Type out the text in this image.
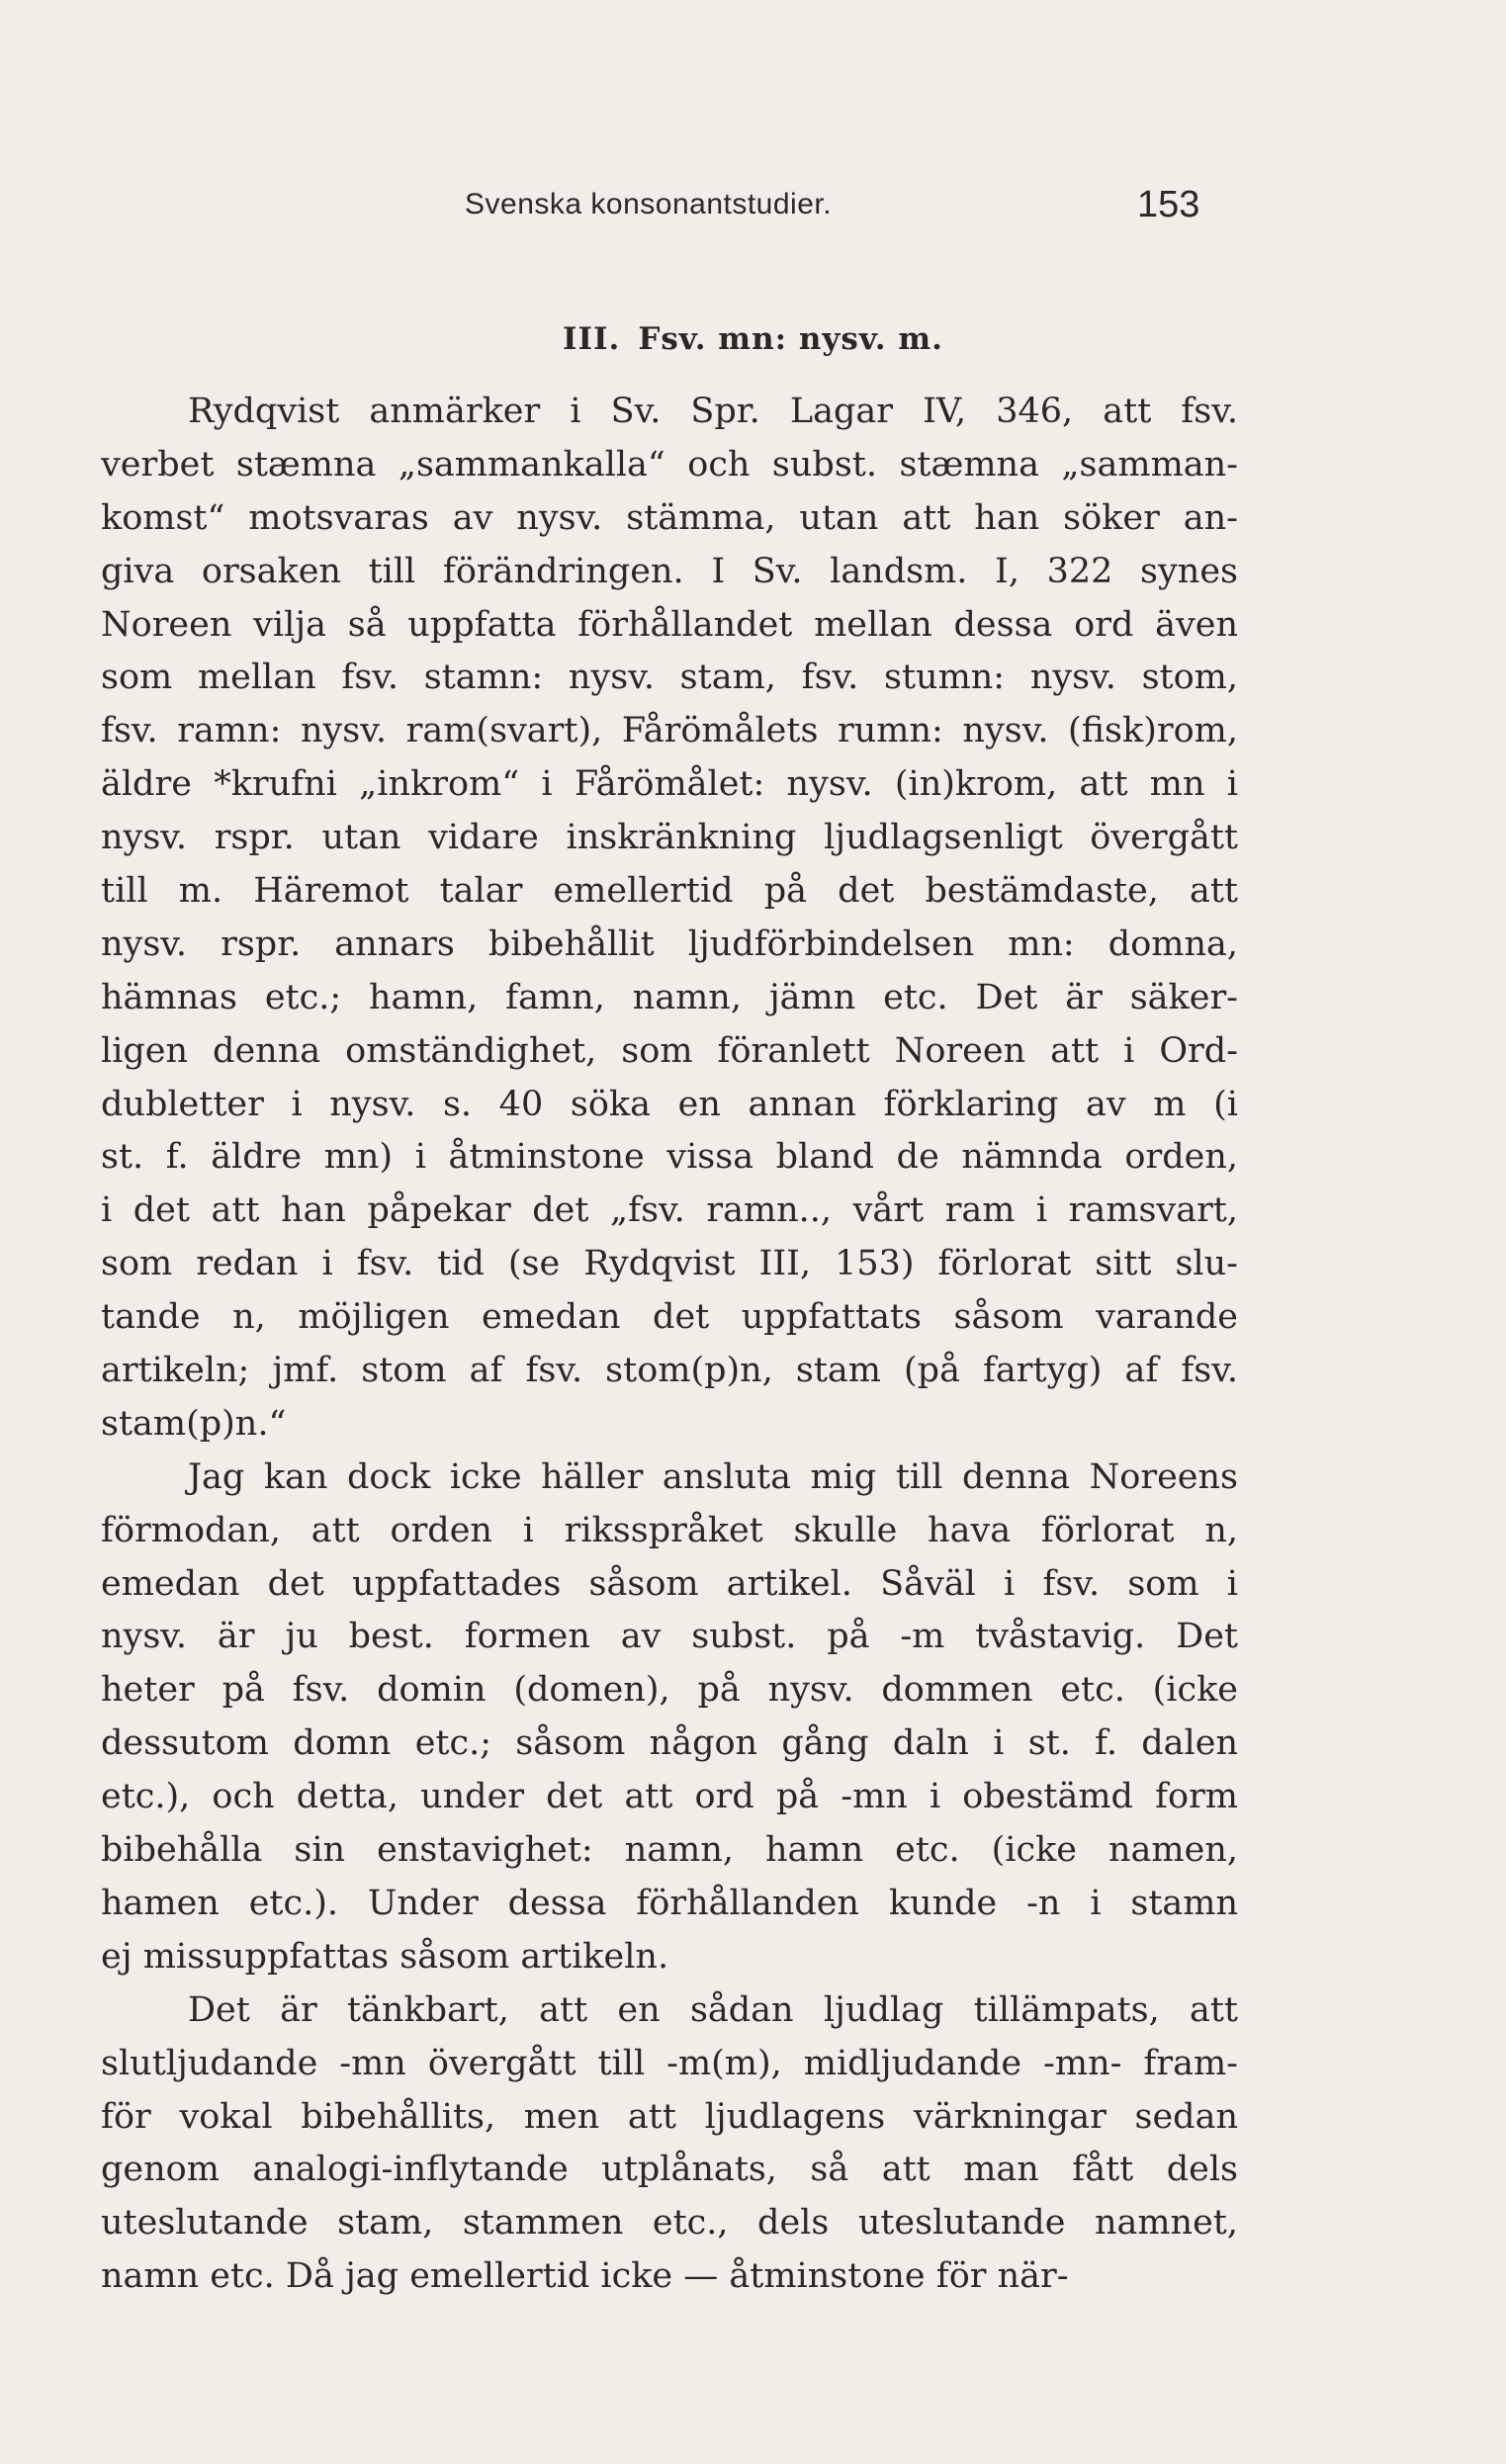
Svenska konsonantstudier.	153
III. Fsv. mn: nysv. m.
Rydqvist anmärker i Sv. Spr. Lagar IV, 346, att fsv.
verbet stæmna „sammankalla“ och subst. stæmna „samman-
komst“ motsvaras av nysv. stämma, utan att han söker an-
giva orsaken till förändringen. I Sv. landsm. I, 322 synes
Noreen vilja så uppfatta förhållandet mellan dessa ord även
som mellan fsv. stamn: nysv. stam, fsv. stumn: nysv. stom,
fsv. ramn: nysv. ram(svart), Fårömålets rumn: nysv. (fisk)rom,
äldre *krufni „inkrom“ i Fårömålet: nysv. (in)krom, att mn i
nysv. rspr. utan vidare inskränkning ljudlagsenligt övergått
till m. Häremot talar emellertid på det bestämdaste, att
nysv. rspr. annars bibehållit ljudförbindelsen mn: domna,
hämnas etc.; hamn, famn, namn, jämn etc. Det är säker-
ligen denna omständighet, som föranlett Noreen att i Ord-
dubletter i nysv. s. 40 söka en annan förklaring av m (i
st. f. äldre mn) i åtminstone vissa bland de nämnda orden,
i det att han påpekar det „fsv. ramn.., vårt ram i ramsvart,
som redan i fsv. tid (se Rydqvist III, 153) förlorat sitt slu-
tande n, möjligen emedan det uppfattats såsom varande
artikeln; jmf. stom af fsv. stom(p)n, stam (på fartyg) af fsv.
stam(p)n.“
Jag kan dock icke häller ansluta mig till denna Noreens
förmodan, att orden i riksspråket skulle hava förlorat n,
emedan det uppfattades såsom artikel. Såväl i fsv. som i
nysv. är ju best. formen av subst. på -m tvåstavig. Det
heter på fsv. domin (domen), på nysv. dommen etc. (icke
dessutom domn etc.; såsom någon gång daln i st. f. dalen
etc.), och detta, under det att ord på -mn i obestämd form
bibehålla sin enstavighet: namn, hamn etc. (icke namen,
hamen etc.). Under dessa förhållanden kunde -n i stamn
ej missuppfattas såsom artikeln.
Det är tänkbart, att en sådan ljudlag tillämpats, att
slutljudande -mn övergått till -m(m), midljudande -mn- fram-
för vokal bibehållits, men att ljudlagens värkningar sedan
genom analogi-inflytande utplånats, så att man fått dels
uteslutande stam, stammen etc., dels uteslutande namnet,
namn etc. Då jag emellertid icke — åtminstone för när-
